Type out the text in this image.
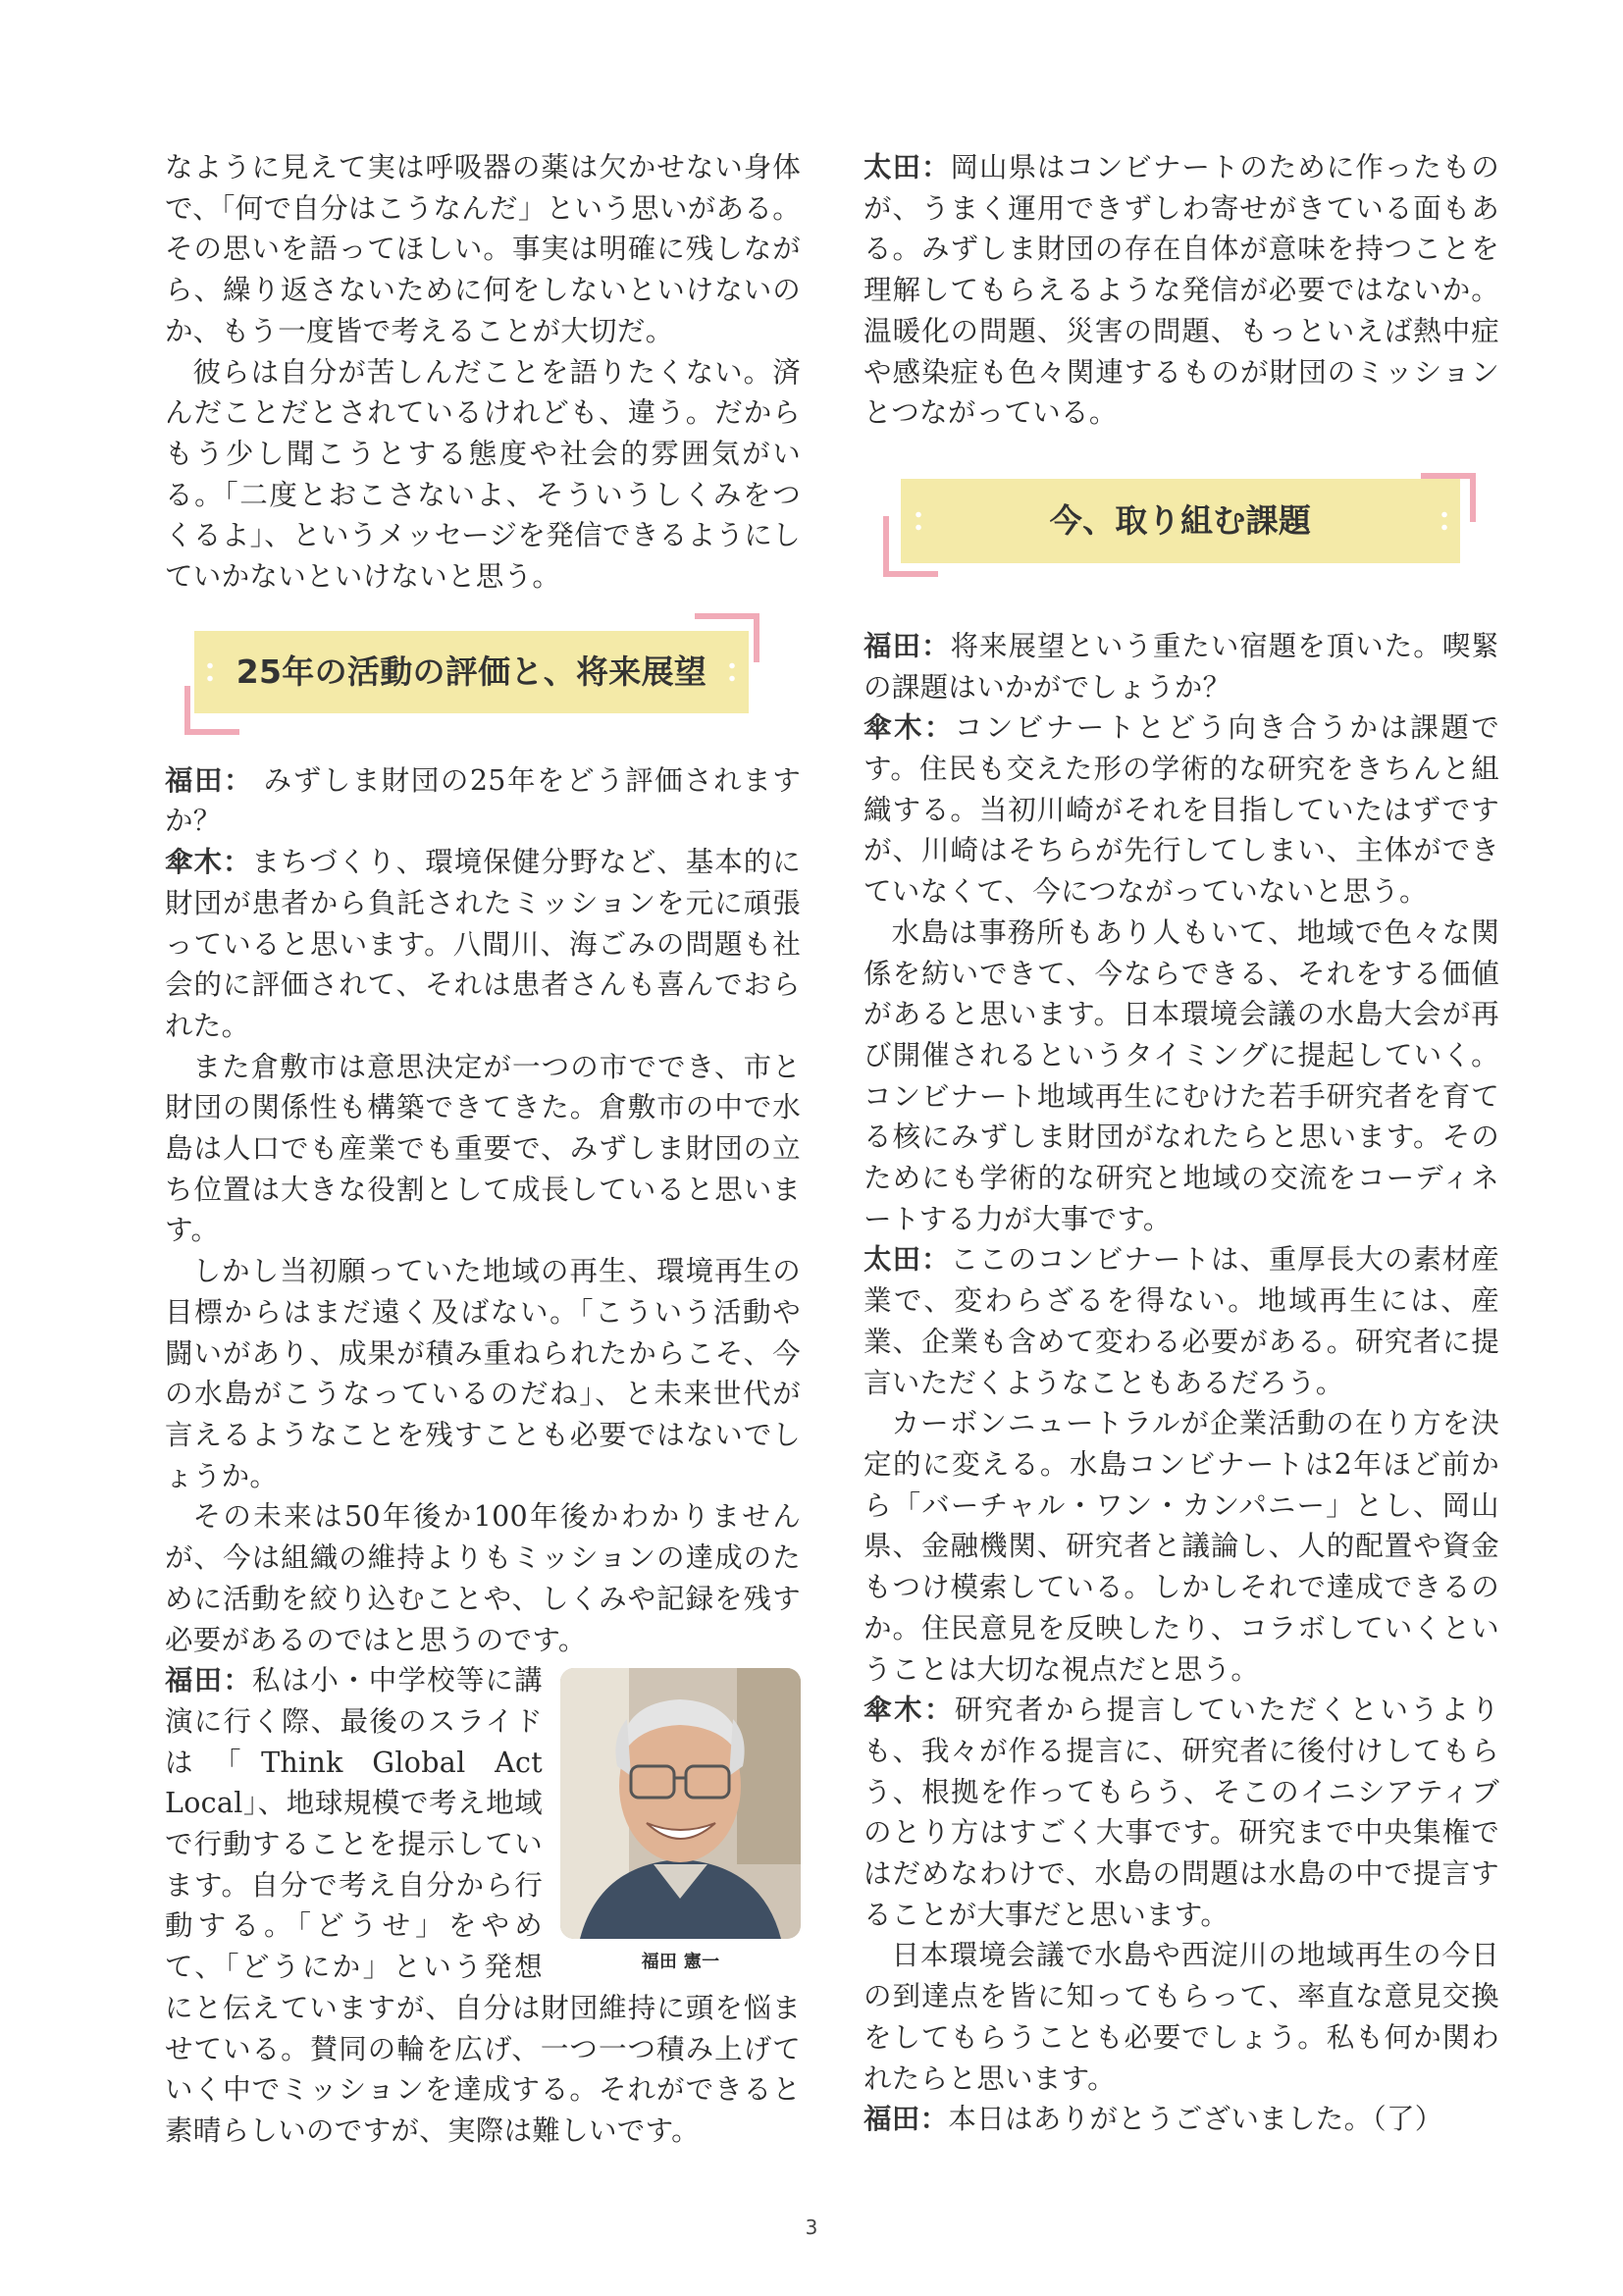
なように見えて実は呼吸器の薬は欠かせない身体で、「何で自分はこうなんだ」という思いがある。その思いを語ってほしい。事実は明確に残しながら、繰り返さないために何をしないといけないのか、もう一度皆で考えることが大切だ。

彼らは自分が苦しんだことを語りたくない。済んだことだとされているけれども、違う。だからもう少し聞こうとする態度や社会的雰囲気がいる。「二度とおこさないよ、そういうしくみをつくるよ」、というメッセージを発信できるようにしていかないといけないと思う。

25年の活動の評価と、将来展望

福田： みずしま財団の25年をどう評価されますか？

傘木：まちづくり、環境保健分野など、基本的に財団が患者から負託されたミッションを元に頑張っていると思います。八間川、海ごみの問題も社会的に評価されて、それは患者さんも喜んでおられた。

また倉敷市は意思決定が一つの市ででき、市と財団の関係性も構築できてきた。倉敷市の中で水島は人口でも産業でも重要で、みずしま財団の立ち位置は大きな役割として成長していると思います。

しかし当初願っていた地域の再生、環境再生の目標からはまだ遠く及ばない。「こういう活動や闘いがあり、成果が積み重ねられたからこそ、今の水島がこうなっているのだね」、と未来世代が言えるようなことを残すことも必要ではないでしょうか。

その未来は50年後か100年後かわかりませんが、今は組織の維持よりもミッションの達成のために活動を絞り込むことや、しくみや記録を残す必要があるのではと思うのです。

福田 憲一

福田：私は小・中学校等に講演に行く際、最後のスライドは「Think Global Act Local」、地球規模で考え地域で行動することを提示しています。自分で考え自分から行動する。「どうせ」をやめて、「どうにか」という発想にと伝えていますが、自分は財団維持に頭を悩ませている。賛同の輪を広げ、一つ一つ積み上げていく中でミッションを達成する。それができると素晴らしいのですが、実際は難しいです。

太田：岡山県はコンビナートのために作ったものが、うまく運用できずしわ寄せがきている面もある。みずしま財団の存在自体が意味を持つことを理解してもらえるような発信が必要ではないか。温暖化の問題、災害の問題、もっといえば熱中症や感染症も色々関連するものが財団のミッションとつながっている。

今、取り組む課題

福田：将来展望という重たい宿題を頂いた。喫緊の課題はいかがでしょうか？

傘木：コンビナートとどう向き合うかは課題です。住民も交えた形の学術的な研究をきちんと組織する。当初川崎がそれを目指していたはずですが、川崎はそちらが先行してしまい、主体ができていなくて、今につながっていないと思う。

水島は事務所もあり人もいて、地域で色々な関係を紡いできて、今ならできる、それをする価値があると思います。日本環境会議の水島大会が再び開催されるというタイミングに提起していく。コンビナート地域再生にむけた若手研究者を育てる核にみずしま財団がなれたらと思います。そのためにも学術的な研究と地域の交流をコーディネートする力が大事です。

太田：ここのコンビナートは、重厚長大の素材産業で、変わらざるを得ない。地域再生には、産業、企業も含めて変わる必要がある。研究者に提言いただくようなこともあるだろう。

カーボンニュートラルが企業活動の在り方を決定的に変える。水島コンビナートは2年ほど前から「バーチャル・ワン・カンパニー」とし、岡山県、金融機関、研究者と議論し、人的配置や資金もつけ模索している。しかしそれで達成できるのか。住民意見を反映したり、コラボしていくということは大切な視点だと思う。

傘木：研究者から提言していただくというよりも、我々が作る提言に、研究者に後付けしてもらう、根拠を作ってもらう、そこのイニシアティブのとり方はすごく大事です。研究まで中央集権ではだめなわけで、水島の問題は水島の中で提言することが大事だと思います。

日本環境会議で水島や西淀川の地域再生の今日の到達点を皆に知ってもらって、率直な意見交換をしてもらうことも必要でしょう。私も何か関われたらと思います。

福田：本日はありがとうございました。（了）

3
